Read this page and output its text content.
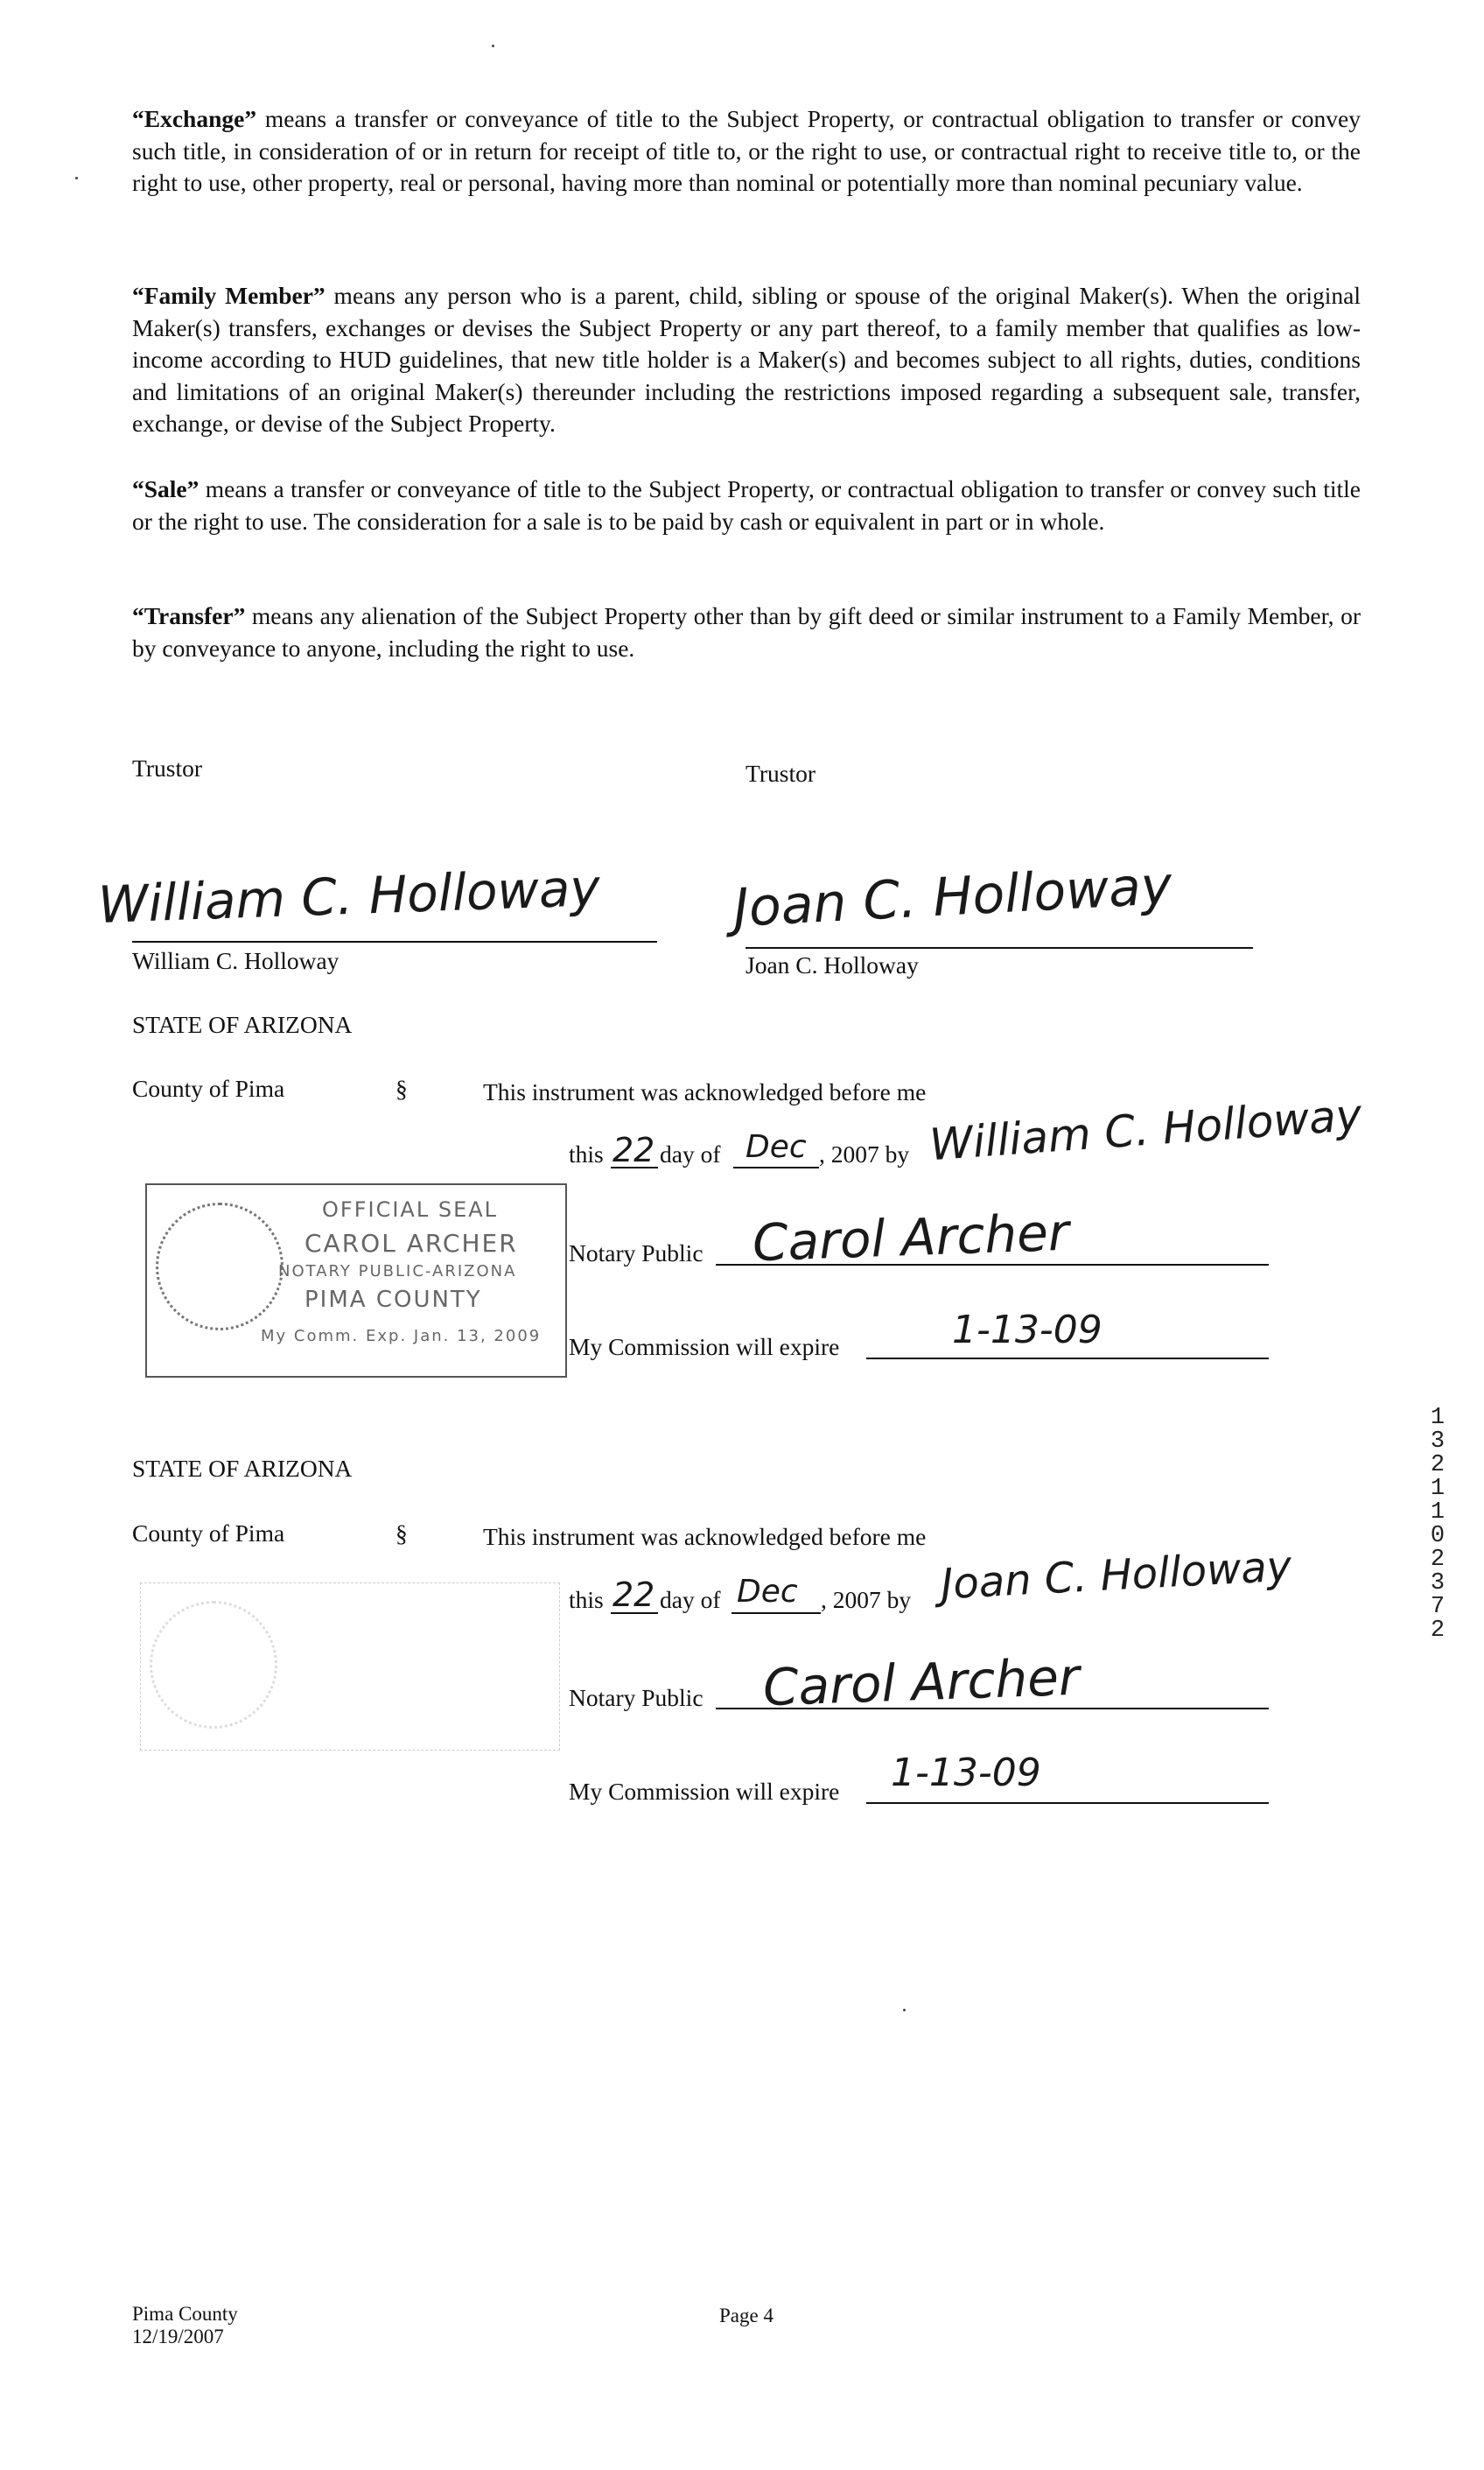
“Exchange” means a transfer or conveyance of title to the Subject Property, or contractual obligation to transfer or convey such title, in consideration of or in return for receipt of title to, or the right to use, or contractual right to receive title to, or the right to use, other property, real or personal, having more than nominal or potentially more than nominal pecuniary value.

“Family Member” means any person who is a parent, child, sibling or spouse of the original Maker(s). When the original Maker(s) transfers, exchanges or devises the Subject Property or any part thereof, to a family member that qualifies as low-income according to HUD guidelines, that new title holder is a Maker(s) and becomes subject to all rights, duties, conditions and limitations of an original Maker(s) thereunder including the restrictions imposed regarding a subsequent sale, transfer, exchange, or devise of the Subject Property.

“Sale” means a transfer or conveyance of title to the Subject Property, or contractual obligation to transfer or convey such title or the right to use. The consideration for a sale is to be paid by cash or equivalent in part or in whole.

“Transfer” means any alienation of the Subject Property other than by gift deed or similar instrument to a Family Member, or by conveyance to anyone, including the right to use.

Trustor	Trustor
William C. Holloway
William C. Holloway
Joan C. Holloway
Joan C. Holloway
STATE OF ARIZONA
County of Pima	§	This instrument was acknowledged before me
this 22 day of Dec , 2007 by William C. Holloway
OFFICIAL SEAL
CAROL ARCHER
NOTARY PUBLIC-ARIZONA
PIMA COUNTY
My Comm. Exp. Jan. 13, 2009
Notary Public Carol Archer
My Commission will expire	1-13-09
STATE OF ARIZONA
County of Pima	§	This instrument was acknowledged before me
this 22 day of Dec , 2007 by Joan C. Holloway
Notary Public Carol Archer
My Commission will expire 1-13-09
1
3
2
1
1
0
2
3
7
2
Pima County
12/19/2007
Page 4
